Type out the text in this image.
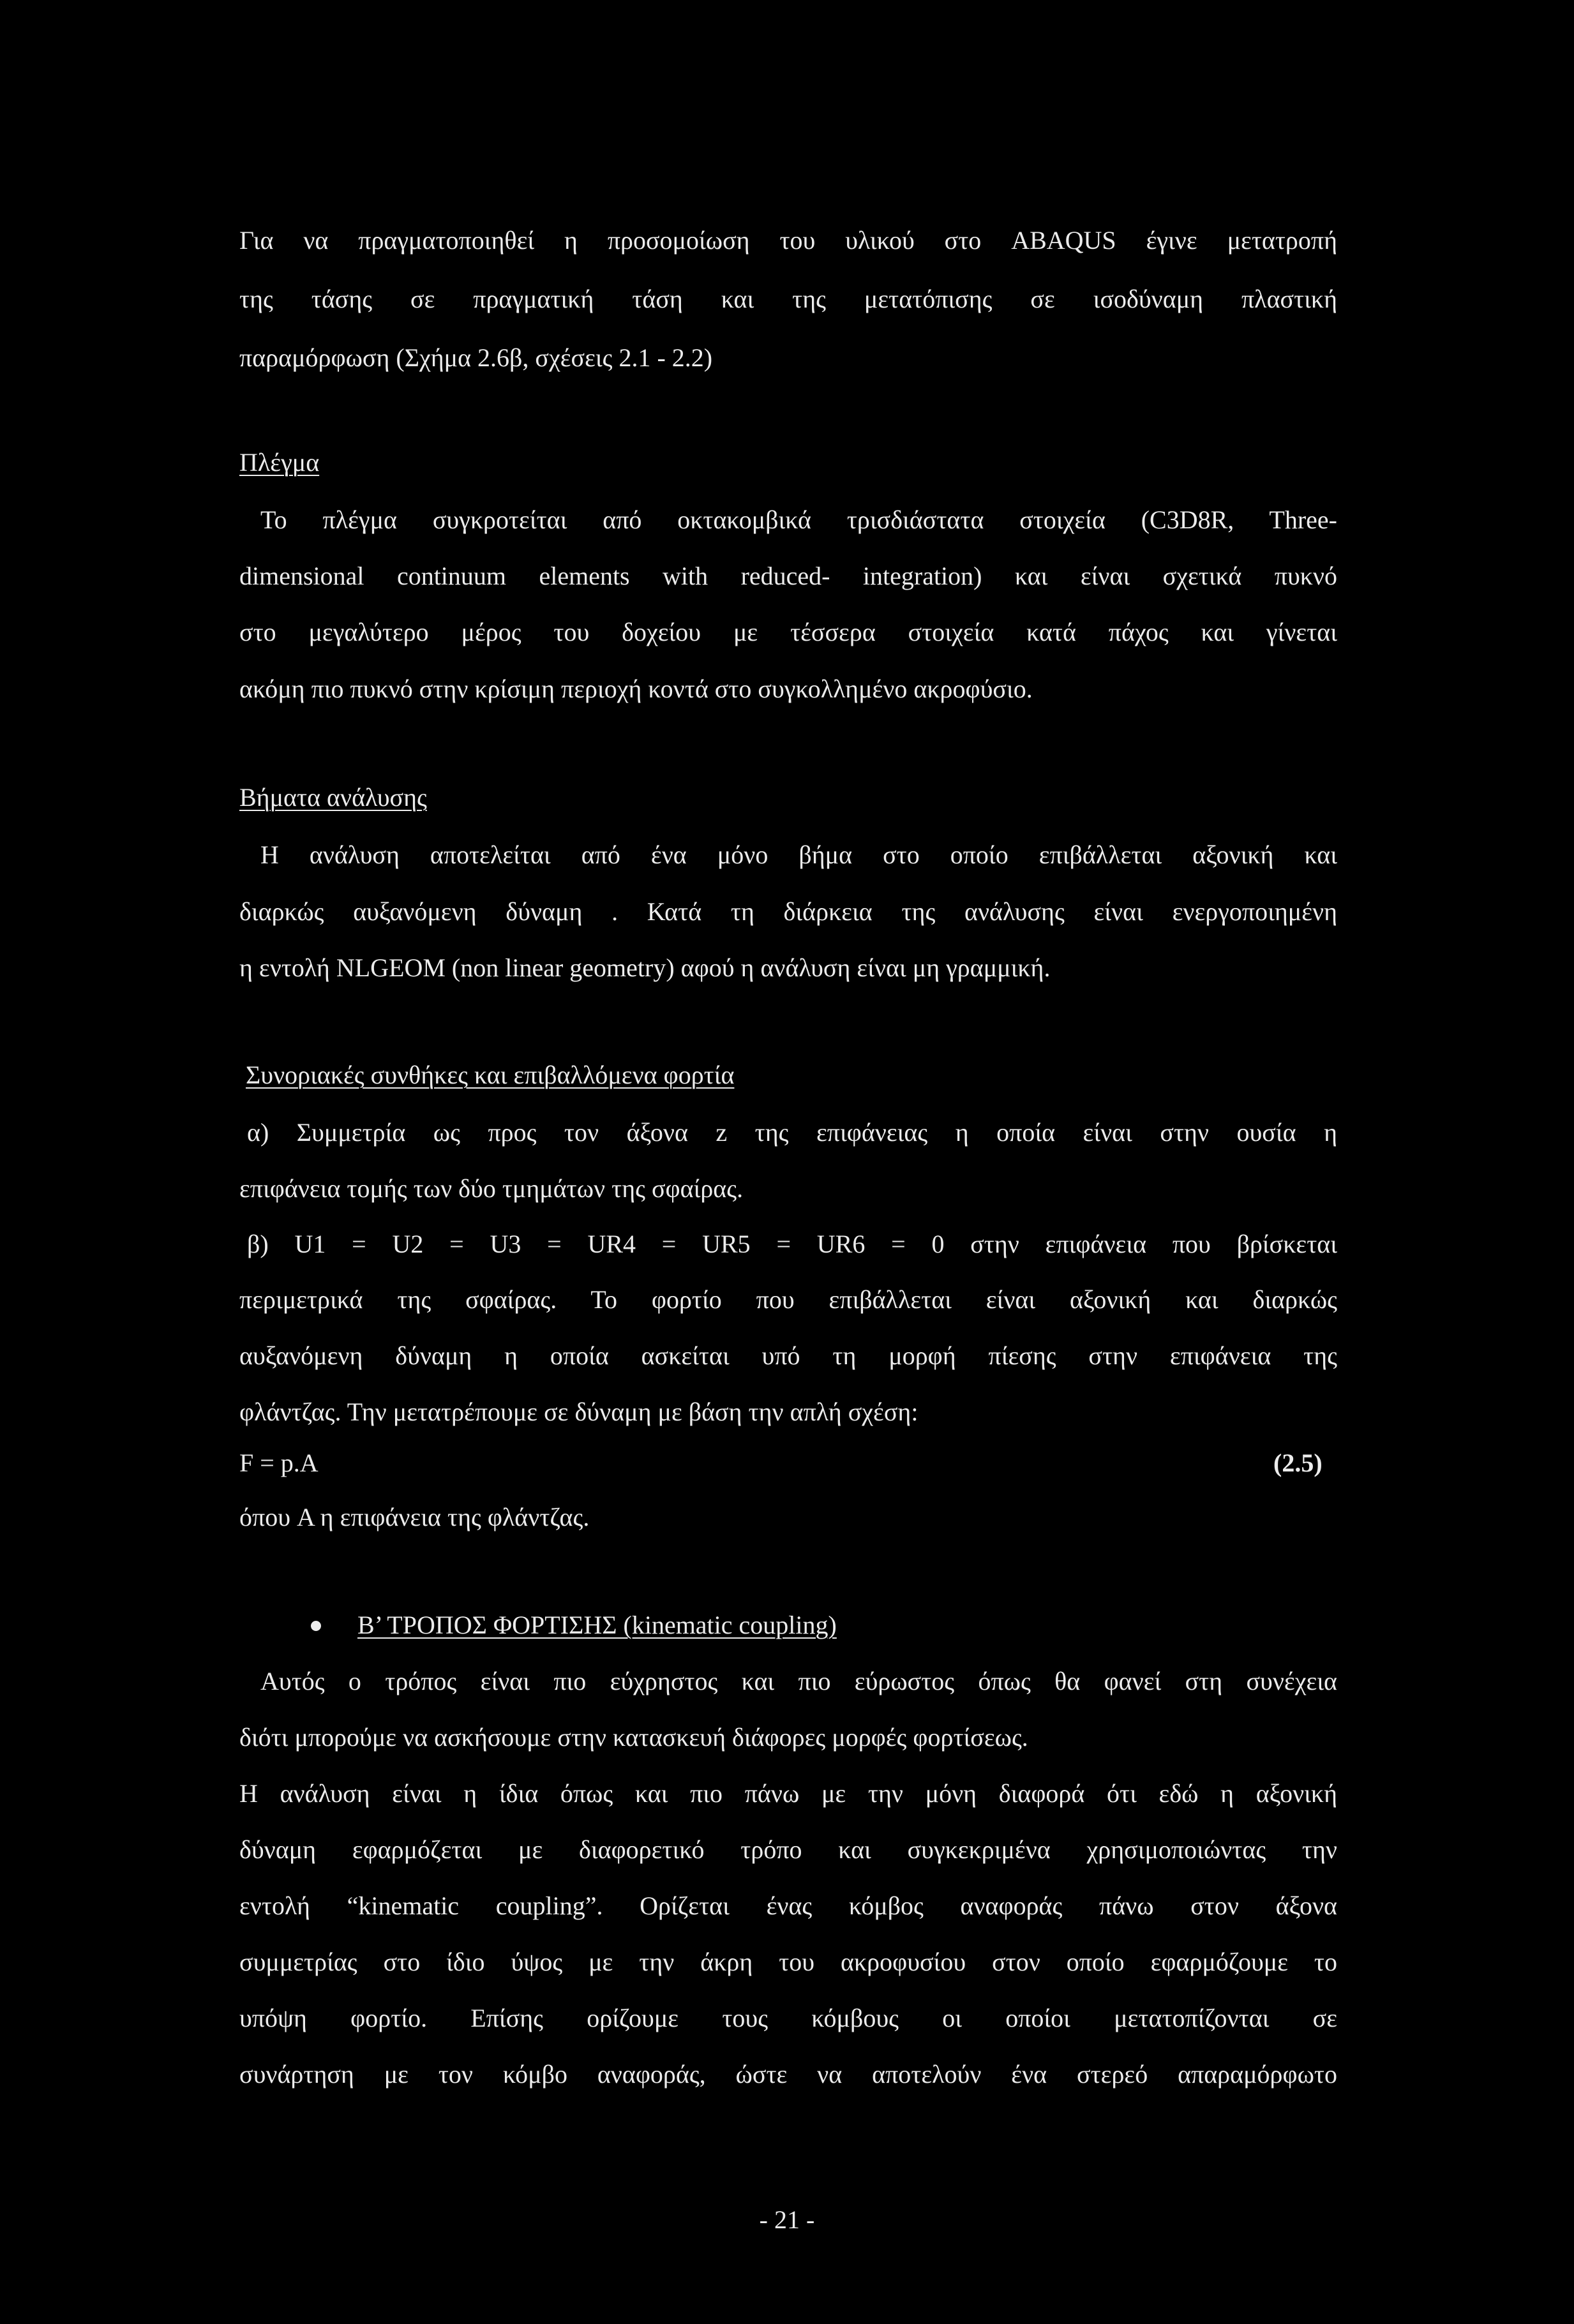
Για να πραγματοποιηθεί η προσομοίωση του υλικού στο ABAQUS έγινε μετατροπή
της τάσης σε πραγματική τάση και της μετατόπισης σε ισοδύναμη πλαστική
παραμόρφωση (Σχήμα 2.6β, σχέσεις 2.1 - 2.2)
Πλέγμα
Το πλέγμα συγκροτείται από οκτακομβικά τρισδιάστατα στοιχεία (C3D8R, Three-
dimensional continuum elements with reduced- integration) και είναι σχετικά πυκνό
στο μεγαλύτερο μέρος του δοχείου με τέσσερα στοιχεία κατά πάχος και γίνεται
ακόμη πιο πυκνό στην κρίσιμη περιοχή κοντά στο συγκολλημένο ακροφύσιο.
Βήματα ανάλυσης
Η ανάλυση αποτελείται από ένα μόνο βήμα στο οποίο επιβάλλεται αξονική και
διαρκώς αυξανόμενη δύναμη . Κατά τη διάρκεια της ανάλυσης είναι ενεργοποιημένη
η εντολή NLGEOM (non linear geometry) αφού η ανάλυση είναι μη γραμμική.
Συνοριακές συνθήκες και επιβαλλόμενα φορτία
α) Συμμετρία ως προς τον άξονα z της επιφάνειας η οποία είναι στην ουσία η
επιφάνεια τομής των δύο τμημάτων της σφαίρας.
β) U1 = U2 = U3 = UR4 = UR5 = UR6 = 0 στην επιφάνεια που βρίσκεται
περιμετρικά της σφαίρας. Το φορτίο που επιβάλλεται είναι αξονική και διαρκώς
αυξανόμενη δύναμη η οποία ασκείται υπό τη μορφή πίεσης στην επιφάνεια της
φλάντζας. Την μετατρέπουμε σε δύναμη με βάση την απλή σχέση:
F = p.A	(2.5)
όπου A η επιφάνεια της φλάντζας.
Β’ ΤΡΟΠΟΣ ΦΟΡΤΙΣΗΣ (kinematic coupling)
Αυτός ο τρόπος είναι πιο εύχρηστος και πιο εύρωστος όπως θα φανεί στη συνέχεια
διότι μπορούμε να ασκήσουμε στην κατασκευή διάφορες μορφές φορτίσεως.
Η ανάλυση είναι η ίδια όπως και πιο πάνω με την μόνη διαφορά ότι εδώ η αξονική
δύναμη εφαρμόζεται με διαφορετικό τρόπο και συγκεκριμένα χρησιμοποιώντας την
εντολή “kinematic coupling”. Ορίζεται ένας κόμβος αναφοράς πάνω στον άξονα
συμμετρίας στο ίδιο ύψος με την άκρη του ακροφυσίου στον οποίο εφαρμόζουμε το
υπόψη φορτίο. Επίσης ορίζουμε τους κόμβους οι οποίοι μετατοπίζονται σε
συνάρτηση με τον κόμβο αναφοράς, ώστε να αποτελούν ένα στερεό απαραμόρφωτο
- 21 -
